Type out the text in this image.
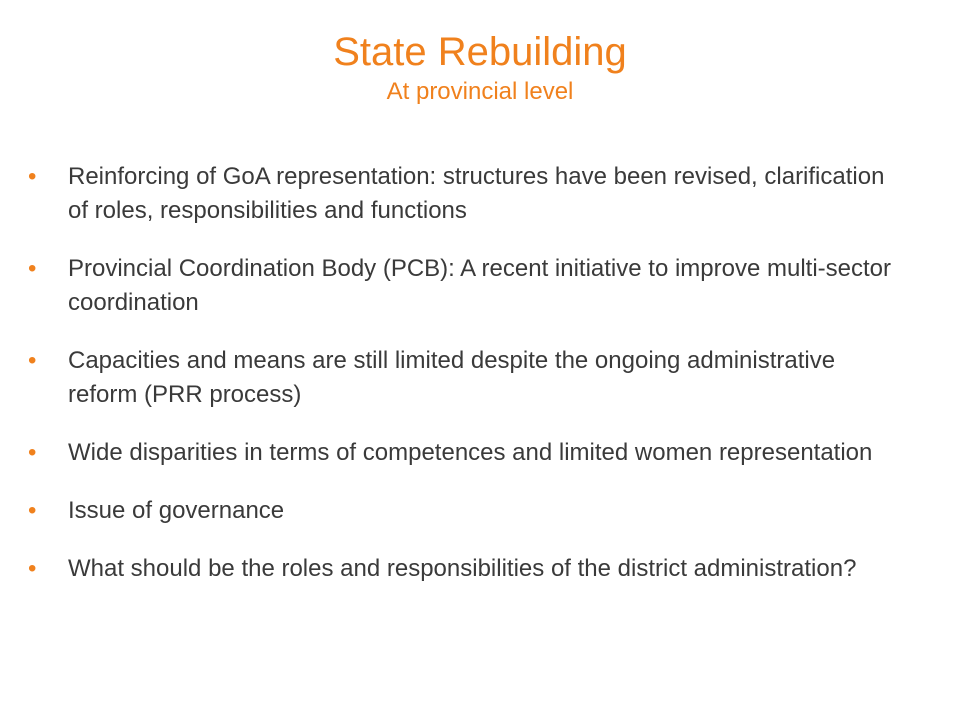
State Rebuilding
At provincial level
•	Reinforcing of GoA representation: structures have been revised, clarification of roles, responsibilities and functions
•	Provincial Coordination Body (PCB): A recent initiative to improve multi-sector coordination
•	Capacities and means are still limited despite the ongoing administrative reform (PRR process)
•	Wide disparities in terms of competences and limited women representation
•	Issue of governance
•	What should be the roles and responsibilities of the district administration?
